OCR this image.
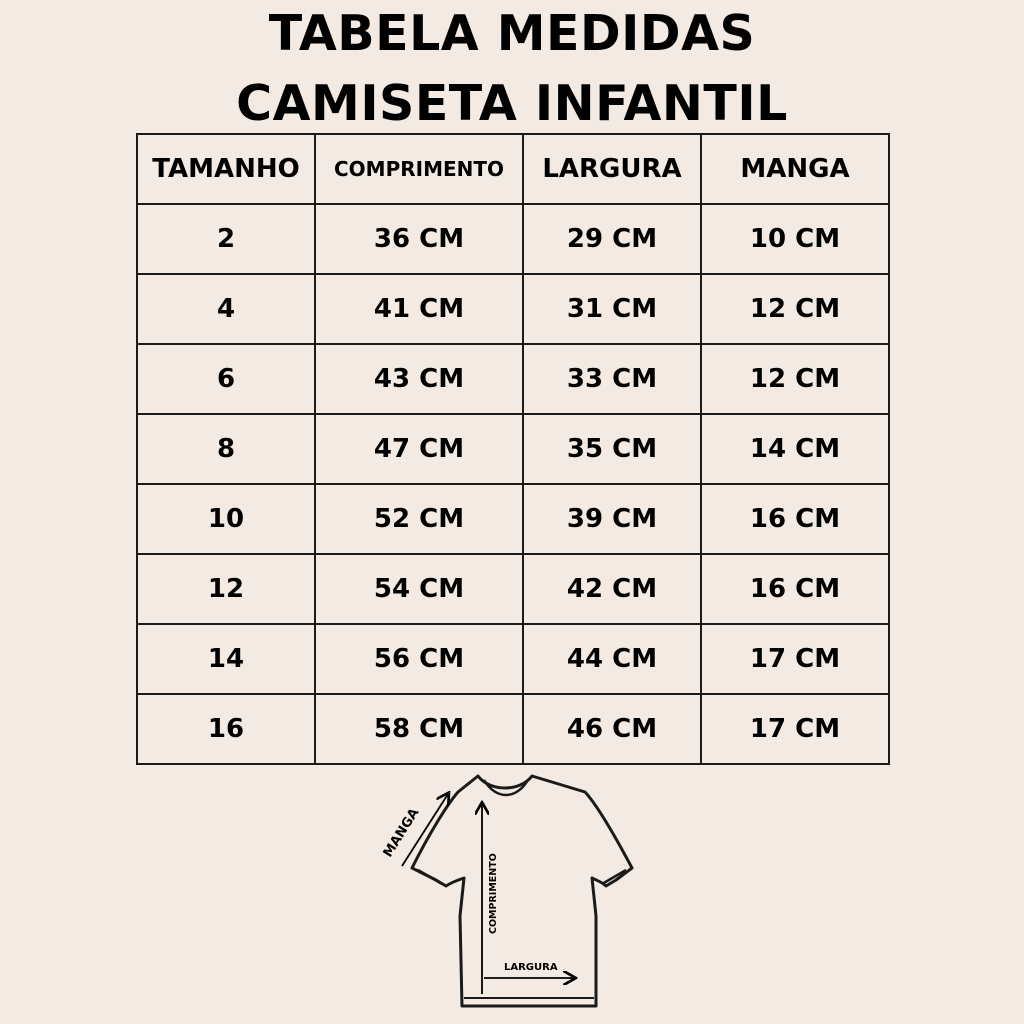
TABELA MEDIDAS
CAMISETA INFANTIL
TAMANHO	COMPRIMENTO	LARGURA	MANGA
2	36 CM	29 CM	10 CM
4	41 CM	31 CM	12 CM
6	43 CM	33 CM	12 CM
8	47 CM	35 CM	14 CM
10	52 CM	39 CM	16 CM
12	54 CM	42 CM	16 CM
14	56 CM	44 CM	17 CM
16	58 CM	46 CM	17 CM
MANGA
COMPRIMENTO
LARGURA
